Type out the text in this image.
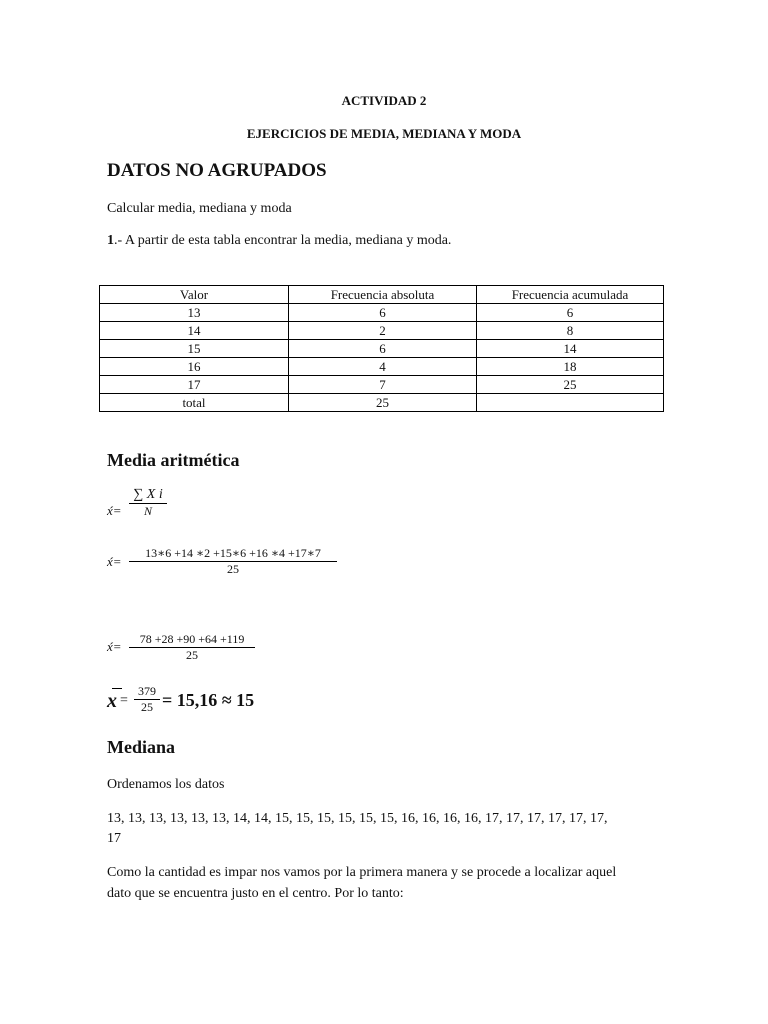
ACTIVIDAD 2
EJERCICIOS DE MEDIA, MEDIANA Y MODA
DATOS NO AGRUPADOS
Calcular media, mediana y moda
1.- A partir de esta tabla encontrar la media, mediana y moda.
Valor	Frecuencia absoluta	Frecuencia acumulada
13	6	6
14	2	8
15	6	14
16	4	18
17	7	25
total	25	
Media aritmética
x́=
∑ X i
N
x́=
13∗6 +14 ∗2 +15∗6 +16 ∗4 +17∗7
25
x́=	78 +28 +90 +64 +119
25
x =
379
25 = 15,16 ≈ 15
Mediana
Ordenamos los datos
13, 13, 13, 13, 13, 13, 14, 14, 15, 15, 15, 15, 15, 15, 16, 16, 16, 16, 17, 17, 17, 17, 17, 17,
17
Como la cantidad es impar nos vamos por la primera manera y se procede a localizar aquel
dato que se encuentra justo en el centro. Por lo tanto:
